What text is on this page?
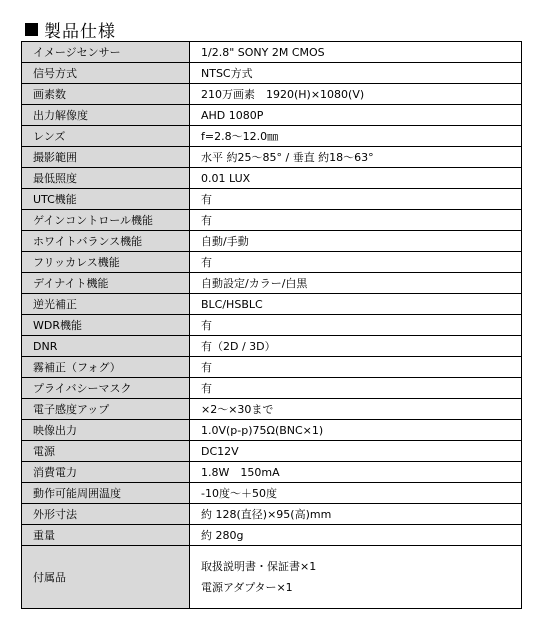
製品仕様
イメージセンサー	1/2.8" SONY 2M CMOS
信号方式	NTSC方式
画素数	210万画素　1920(H)×1080(V)
出力解像度	AHD 1080P
レンズ	f=2.8～12.0㎜
撮影範囲	水平 約25～85° / 垂直 約18～63°
最低照度	0.01 LUX
UTC機能	有
ゲインコントロール機能	有
ホワイトバランス機能	自動/手動
フリッカレス機能	有
デイナイト機能	自動設定/カラー/白黒
逆光補正	BLC/HSBLC
WDR機能	有
DNR	有（2D / 3D）
霧補正（フォグ）	有
プライバシーマスク	有
電子感度アップ	×2～×30まで
映像出力	1.0V(p-p)75Ω(BNC×1)
電源	DC12V
消費電力	1.8W　150mA
動作可能周囲温度	-10度～＋50度
外形寸法	約 128(直径)×95(高)mm
重量	約 280g
付属品	取扱説明書・保証書×1
電源アダプター×1
